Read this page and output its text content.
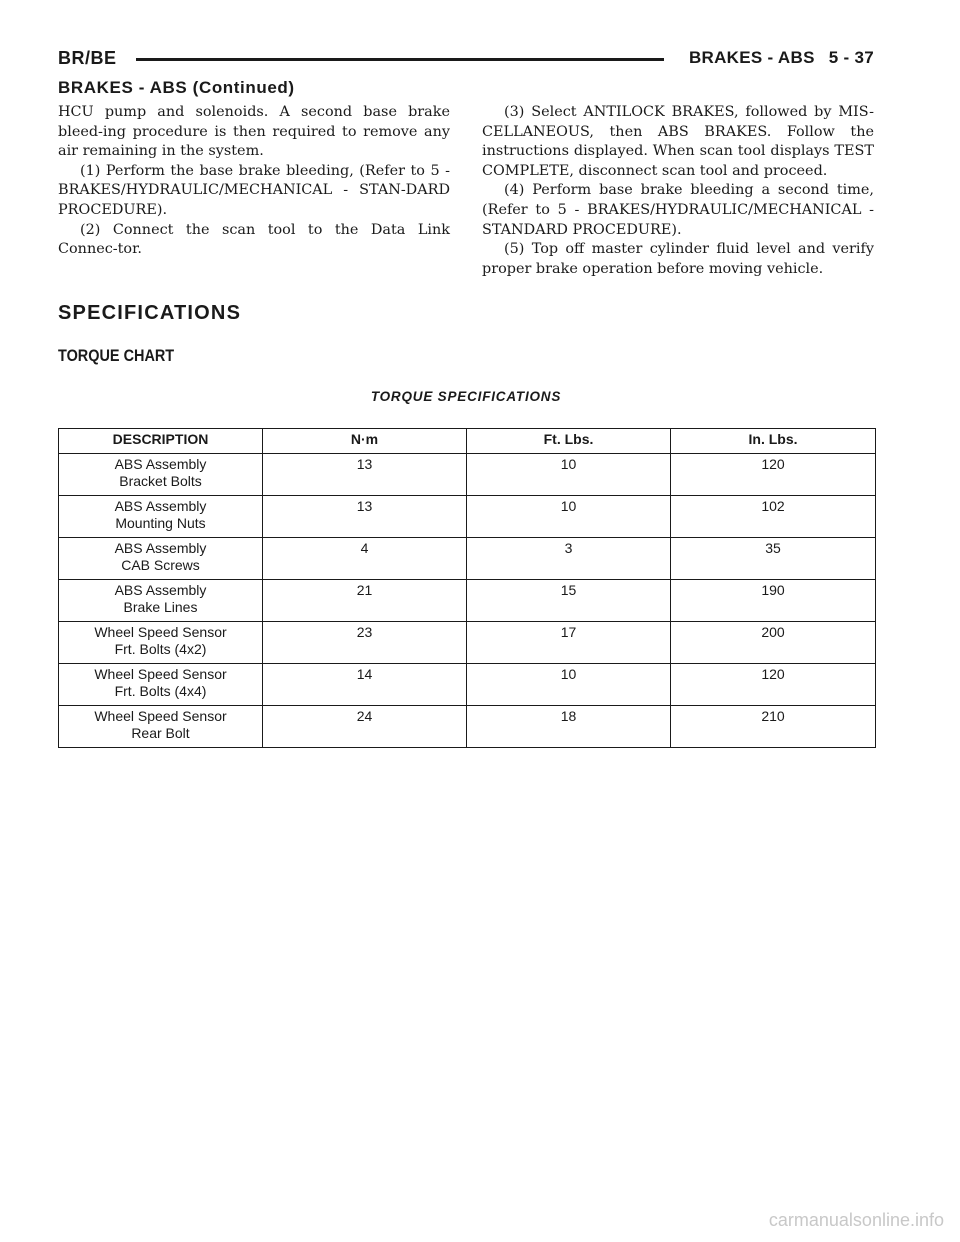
BR/BE	BRAKES - ABS 5 - 37
BRAKES - ABS (Continued)

HCU pump and solenoids. A second base brake bleed-ing procedure is then required to remove any air remaining in the system.

(1) Perform the base brake bleeding, (Refer to 5 - BRAKES/HYDRAULIC/MECHANICAL - STAN-DARD PROCEDURE).

(2) Connect the scan tool to the Data Link Connec-tor.

(3) Select ANTILOCK BRAKES, followed by MIS-CELLANEOUS, then ABS BRAKES. Follow the instructions displayed. When scan tool displays TEST COMPLETE, disconnect scan tool and proceed.

(4) Perform base brake bleeding a second time, (Refer to 5 - BRAKES/HYDRAULIC/MECHANICAL - STANDARD PROCEDURE).

(5) Top off master cylinder fluid level and verify proper brake operation before moving vehicle.

SPECIFICATIONS
TORQUE CHART
TORQUE SPECIFICATIONS
DESCRIPTION	N·m	Ft. Lbs.	In. Lbs.

ABS Assembly
Bracket Bolts	13	10	120

ABS Assembly
Mounting Nuts	13	10	102

ABS Assembly
CAB Screws	4	3	35

ABS Assembly
Brake Lines	21	15	190

Wheel Speed Sensor
Frt. Bolts (4x2)	23	17	200

Wheel Speed Sensor
Frt. Bolts (4x4)	14	10	120

Wheel Speed Sensor
Rear Bolt	24	18	210
carmanualsonline.info
